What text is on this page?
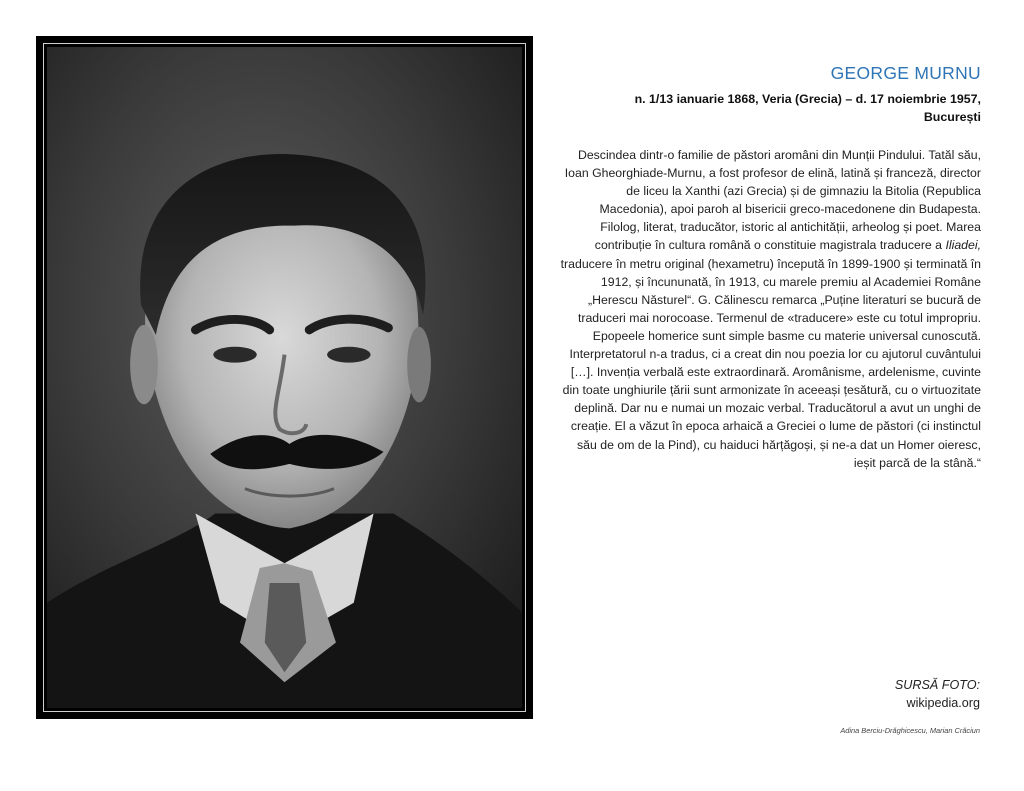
GEORGE MURNU
n. 1/13 ianuarie 1868, Veria (Grecia) – d. 17 noiembrie 1957,
București
Descindea dintr-o familie de păstori aromâni din Munții Pindului. Tatăl său, Ioan Gheorghiade-Murnu, a fost profesor de elină, latină și franceză, director de liceu la Xanthi (azi Grecia) și de gimnaziu la Bitolia (Republica Macedonia), apoi paroh al bisericii greco-macedonene din Budapesta. Filolog, literat, traducător, istoric al antichității, arheolog și poet. Marea contribuție în cultura română o constituie magistrala traducere a Iliadei, traducere în metru original (hexametru) începută în 1899-1900 și terminată în 1912, și încununată, în 1913, cu marele premiu al Academiei Române „Herescu Năsturel“. G. Călinescu remarca „Puține literaturi se bucură de traduceri mai norocoase. Termenul de «traducere» este cu totul impropriu. Epopeele homerice sunt simple basme cu materie universal cunoscută. Interpretatorul n-a tradus, ci a creat din nou poezia lor cu ajutorul cuvântului […]. Invenția verbală este extraordinară. Aromânisme, ardelenisme, cuvinte din toate unghiurile țării sunt armonizate în aceeași țesătură, cu o virtuozitate deplină. Dar nu e numai un mozaic verbal. Traducătorul a avut un unghi de creație. El a văzut în epoca arhaică a Greciei o lume de păstori (ci instinctul său de om de la Pind), cu haiduci hărțăgoși, și ne-a dat un Homer oieresc, ieșit parcă de la stână.“
SURSĂ FOTO:
wikipedia.org
Adina Berciu-Drăghicescu, Marian Crăciun
